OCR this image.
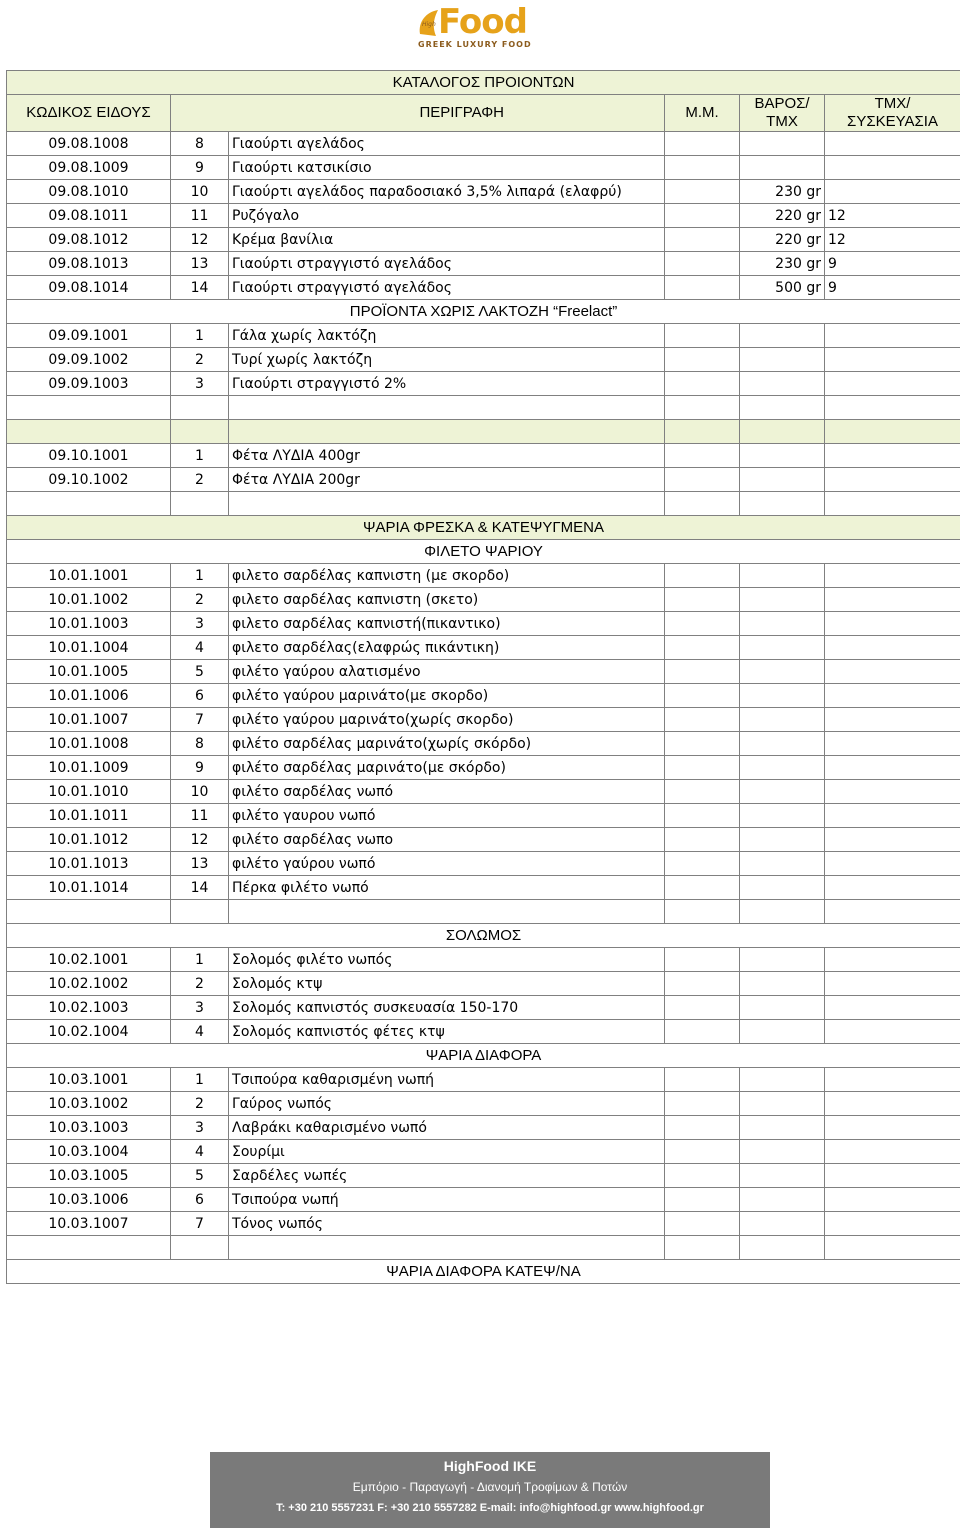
High Food
GREEK LUXURY FOOD
ΚΑΤΑΛΟΓΟΣ ΠΡΟΙΟΝΤΩΝ					
ΚΩΔΙΚΟΣ ΕΙΔΟΥΣ	ΠΕΡΙΓΡΑΦΗ		Μ.Μ.	ΒΑΡΟΣ/ ΤΜΧ	ΤΜΧ/ ΣΥΣΚΕΥΑΣΙΑ
09.08.1008	8	Γιαούρτι αγελάδος			
09.08.1009	9	Γιαούρτι κατσικίσιο			
09.08.1010	10	Γιαούρτι αγελάδος παραδοσιακό 3,5% λιπαρά (ελαφρύ)		230 gr	
09.08.1011	11	Ρυζόγαλο		220 gr	12
09.08.1012	12	Κρέμα βανίλια		220 gr	12
09.08.1013	13	Γιαούρτι στραγγιστό αγελάδος		230 gr	9
09.08.1014	14	Γιαούρτι στραγγιστό αγελάδος		500 gr	9
ΠΡΟΪΟΝΤΑ ΧΩΡΙΣ ΛΑΚΤΟΖΗ “Freelact”					
09.09.1001	1	Γάλα χωρίς λακτόζη			
09.09.1002	2	Τυρί χωρίς λακτόζη			
09.09.1003	3	Γιαούρτι στραγγιστό 2%			

09.10.1001	1	Φέτα ΛΥΔΙΑ 400gr			
09.10.1002	2	Φέτα ΛΥΔΙΑ 200gr			

ΨΑΡΙΑ ΦΡΕΣΚΑ & ΚΑΤΕΨΥΓΜΕΝΑ					
ΦΙΛΕΤΟ ΨΑΡΙΟΥ					
10.01.1001	1	φιλετο σαρδέλας καπνιστη (με σκορδο)			
10.01.1002	2	φιλετο σαρδέλας καπνιστη (σκετο)			
10.01.1003	3	φιλετο σαρδέλας καπνιστή(πικαντικο)			
10.01.1004	4	φιλετο σαρδέλας(ελαφρώς πικάντικη)			
10.01.1005	5	φιλέτο γαύρου αλατισμένο			
10.01.1006	6	φιλέτο γαύρου μαρινάτο(με σκορδο)			
10.01.1007	7	φιλέτο γαύρου μαρινάτο(χωρίς σκορδο)			
10.01.1008	8	φιλέτο σαρδέλας μαρινάτο(χωρίς σκόρδο)			
10.01.1009	9	φιλέτο σαρδέλας μαρινάτο(με σκόρδο)			
10.01.1010	10	φιλέτο σαρδέλας νωπό			
10.01.1011	11	φιλέτο γαυρου νωπό			
10.01.1012	12	φιλέτο σαρδέλας νωπο			
10.01.1013	13	φιλέτο γαύρου νωπό			
10.01.1014	14	Πέρκα φιλέτο νωπό			

ΣΟΛΩΜΟΣ					
10.02.1001	1	Σολομός φιλέτο νωπός			
10.02.1002	2	Σολομός κτψ			
10.02.1003	3	Σολομός καπνιστός συσκευασία 150-170			
10.02.1004	4	Σολομός καπνιστός φέτες κτψ			
ΨΑΡΙΑ ΔΙΑΦΟΡΑ					
10.03.1001	1	Τσιπούρα καθαρισμένη νωπή			
10.03.1002	2	Γαύρος νωπός			
10.03.1003	3	Λαβράκι καθαρισμένο νωπό			
10.03.1004	4	Σουρίμι			
10.03.1005	5	Σαρδέλες νωπές			
10.03.1006	6	Τσιπούρα νωπή			
10.03.1007	7	Τόνος νωπός			

ΨΑΡΙΑ ΔΙΑΦΟΡΑ ΚΑΤΕΨ/ΝΑ					
HighFood ΙΚΕ
Εμπόριο - Παραγωγή - Διανομή Τροφίμων & Ποτών
Τ: +30 210 5557231 F: +30 210 5557282 E-mail: info@highfood.gr www.highfood.gr
